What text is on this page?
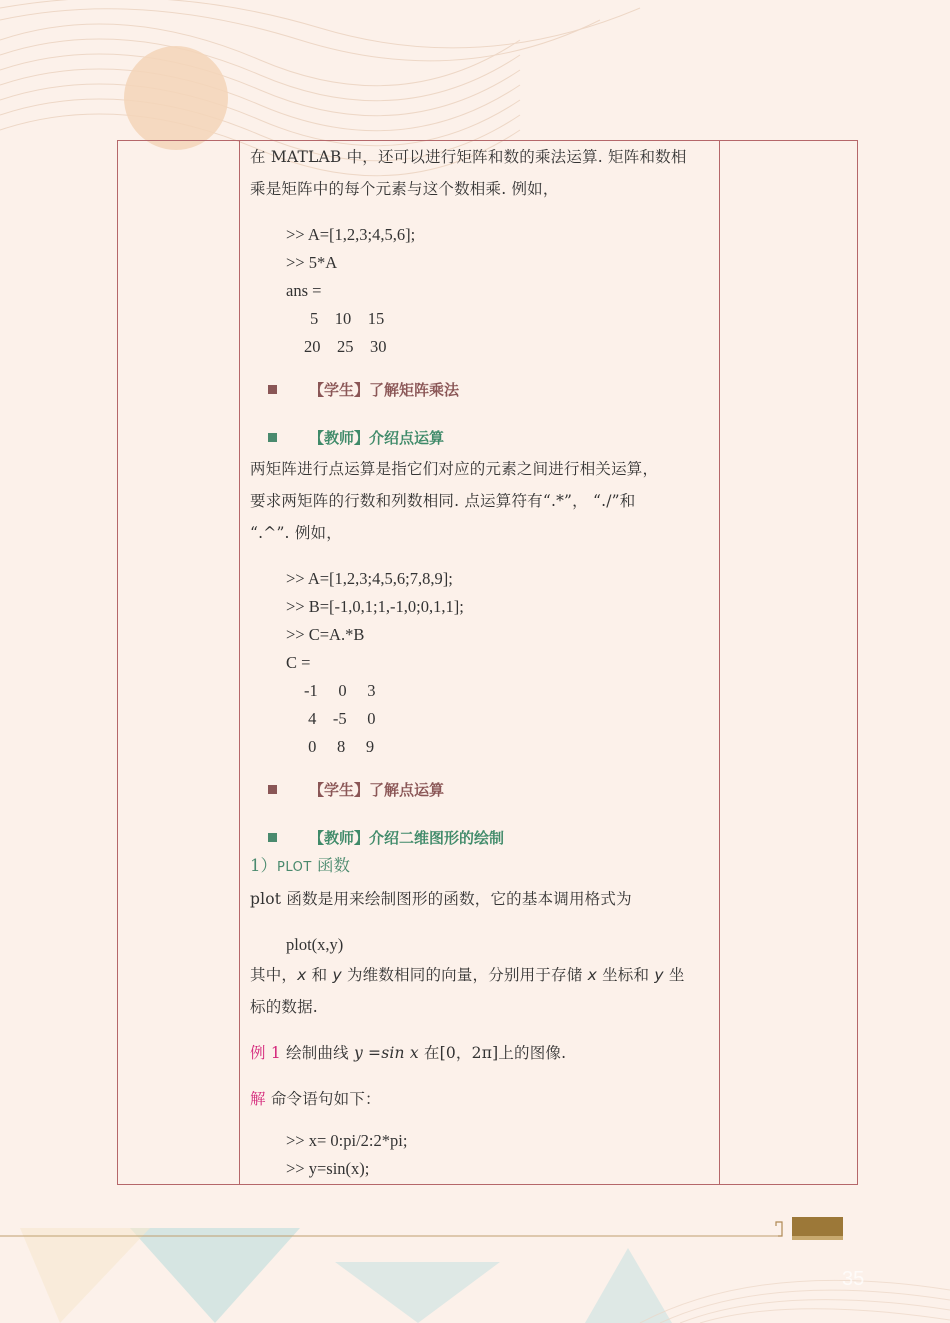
在 MATLAB 中，还可以进行矩阵和数的乘法运算. 矩阵和数相
乘是矩阵中的每个元素与这个数相乘. 例如，

>> A=[1,2,3;4,5,6];

>> 5*A

ans =

5    10    15

20    25    30

【学生】了解矩阵乘法
【教师】介绍点运算

两矩阵进行点运算是指它们对应的元素之间进行相关运算，
要求两矩阵的行数和列数相同. 点运算符有“.*”， “./”和
“.^”. 例如，

>> A=[1,2,3;4,5,6;7,8,9];

>> B=[-1,0,1;1,-1,0;0,1,1];

>> C=A.*B

C =

-1     0     3

4    -5     0

0     8     9

【学生】了解点运算
【教师】介绍二维图形的绘制

1）PLOT 函数

plot 函数是用来绘制图形的函数，它的基本调用格式为

plot(x,y)

其中，x 和 y 为维数相同的向量，分别用于存储 x 坐标和 y 坐
标的数据.

例 1 绘制曲线 y =sin x 在[0，2π]上的图像.

解 命令语句如下：

>> x= 0:pi/2:2*pi;

>> y=sin(x);

35
